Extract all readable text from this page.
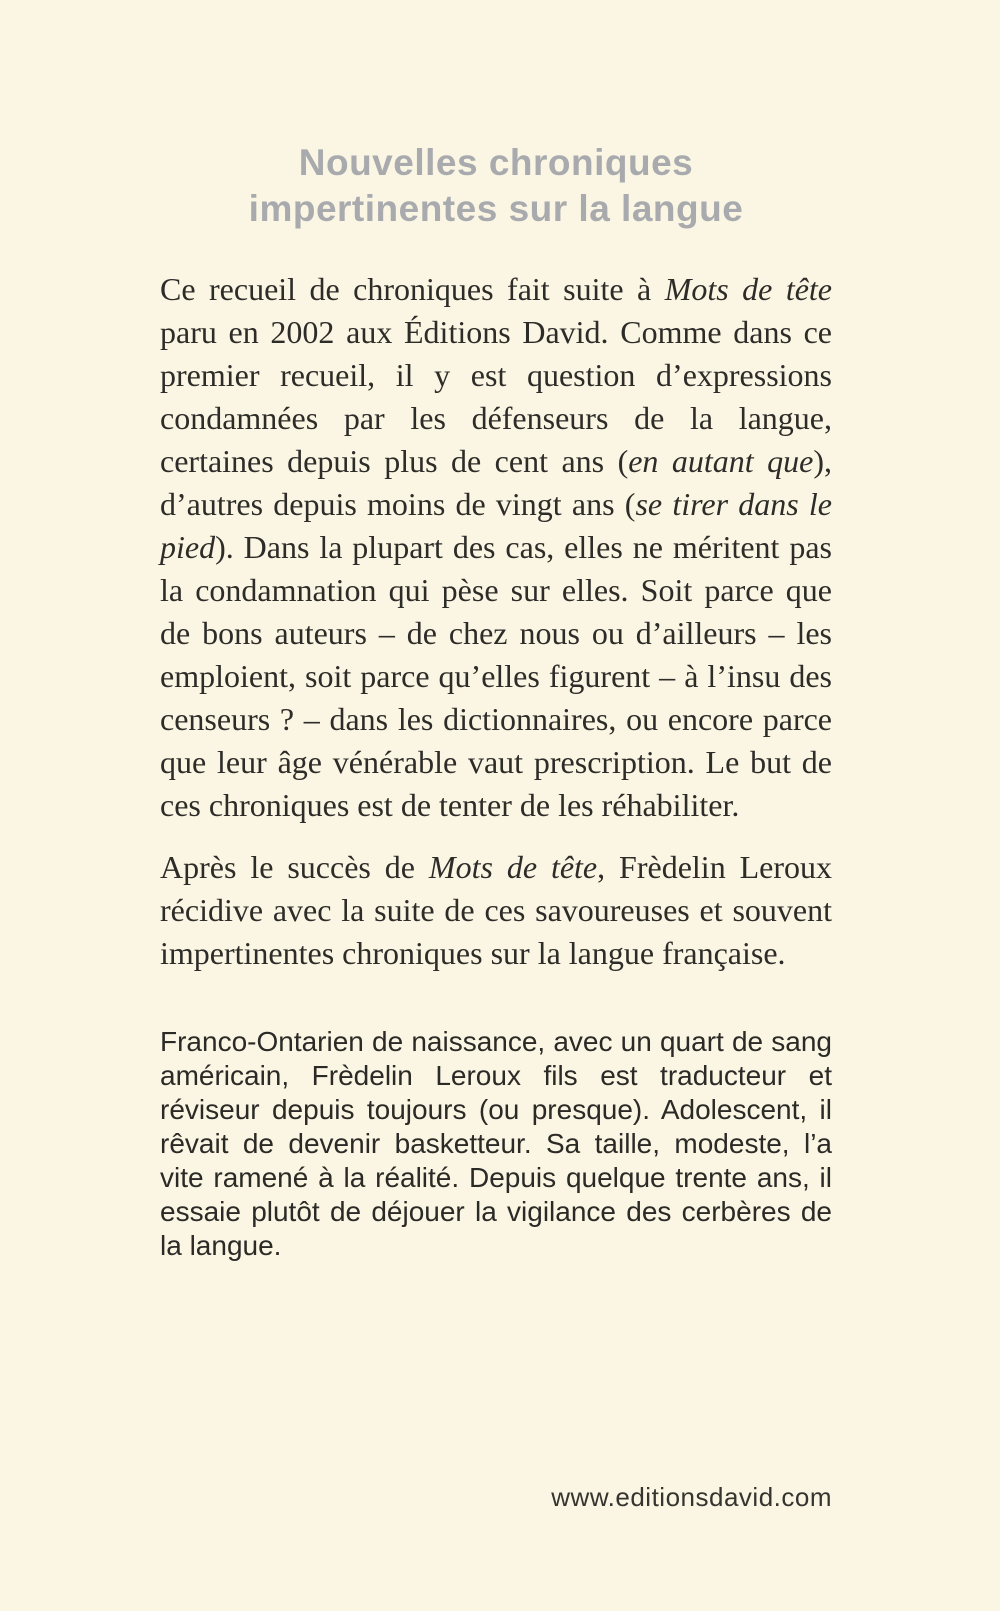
Nouvelles chroniques
impertinentes sur la langue

Ce recueil de chroniques fait suite à Mots de tête paru en 2002 aux Éditions David. Comme dans ce premier recueil, il y est question d’expressions condamnées par les défenseurs de la langue, certaines depuis plus de cent ans (en autant que), d’autres depuis moins de vingt ans (se tirer dans le pied). Dans la plupart des cas, elles ne méritent pas la condamnation qui pèse sur elles. Soit parce que de bons auteurs – de chez nous ou d’ailleurs – les emploient, soit parce qu’elles figurent – à l’insu des censeurs ? – dans les dictionnaires, ou encore parce que leur âge vénérable vaut prescription. Le but de ces chroniques est de tenter de les réhabiliter.

Après le succès de Mots de tête, Frèdelin Leroux récidive avec la suite de ces savoureuses et souvent impertinentes chroniques sur la langue française.

Franco-Ontarien de naissance, avec un quart de sang américain, Frèdelin Leroux fils est traducteur et réviseur depuis toujours (ou presque). Adolescent, il rêvait de devenir basketteur. Sa taille, modeste, l’a vite ramené à la réalité. Depuis quelque trente ans, il essaie plutôt de déjouer la vigilance des cerbères de la langue.

www.editionsdavid.com
